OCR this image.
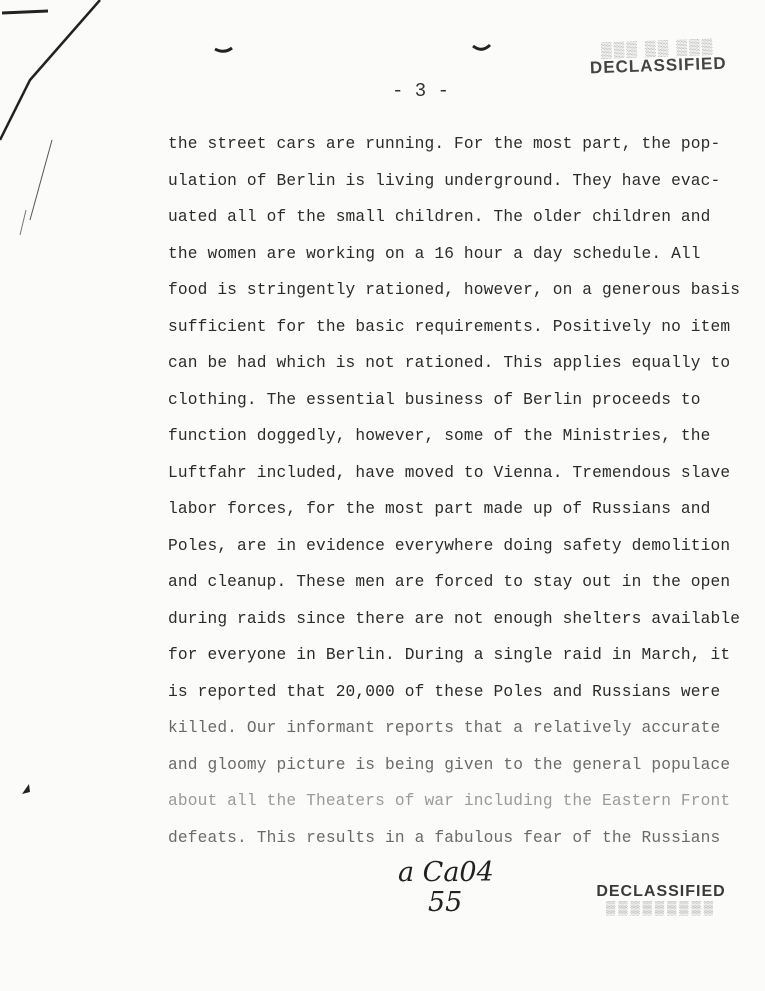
▒▒▒ ▒▒ ▒▒▒
DECLASSIFIED
- 3 -
the street cars are running. For the most part, the pop-
ulation of Berlin is living underground. They have evac-
uated all of the small children. The older children and
the women are working on a 16 hour a day schedule. All
food is stringently rationed, however, on a generous basis
sufficient for the basic requirements. Positively no item
can be had which is not rationed. This applies equally to
clothing. The essential business of Berlin proceeds to
function doggedly, however, some of the Ministries, the
Luftfahr included, have moved to Vienna. Tremendous slave
labor forces, for the most part made up of Russians and
Poles, are in evidence everywhere doing safety demolition
and cleanup. These men are forced to stay out in the open
during raids since there are not enough shelters available
for everyone in Berlin. During a single raid in March, it
is reported that 20,000 of these Poles and Russians were
killed. Our informant reports that a relatively accurate
and gloomy picture is being given to the general populace
about all the Theaters of war including the Eastern Front
defeats. This results in a fabulous fear of the Russians
a Ca04
55	DECLASSIFIED
▒▒▒▒▒▒▒▒▒
